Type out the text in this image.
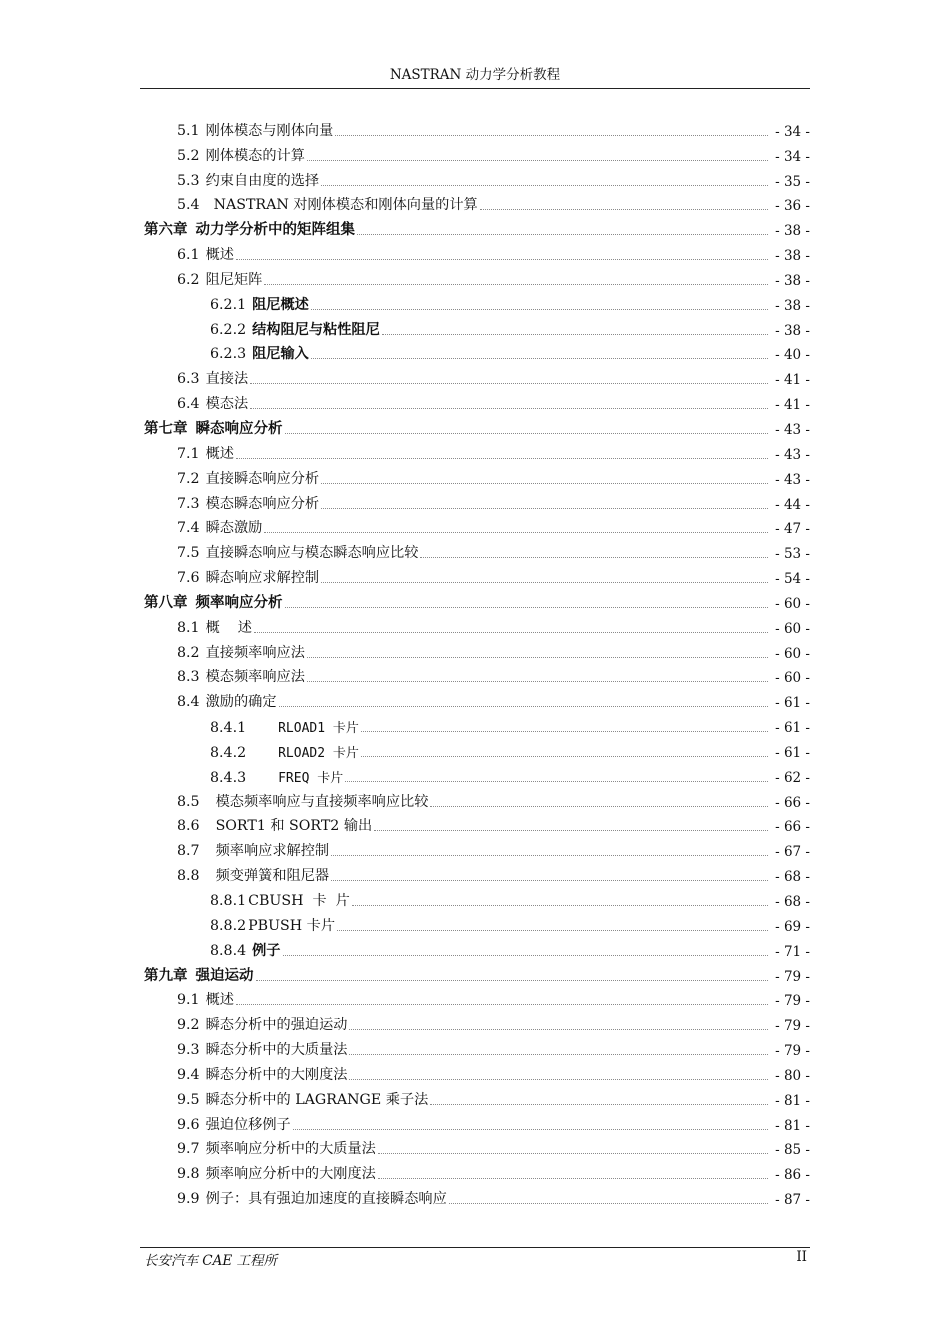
NASTRAN 动力学分析教程
5.1 刚体模态与刚体向量	- 34 -
5.2 刚体模态的计算	- 34 -
5.3 约束自由度的选择	- 35 -
5.4 NASTRAN 对刚体模态和刚体向量的计算	- 36 -
第六章 动力学分析中的矩阵组集	- 38 -
6.1 概述	- 38 -
6.2 阻尼矩阵	- 38 -
6.2.1 阻尼概述	- 38 -
6.2.2 结构阻尼与粘性阻尼	- 38 -
6.2.3 阻尼输入	- 40 -
6.3 直接法	- 41 -
6.4 模态法	- 41 -
第七章 瞬态响应分析	- 43 -
7.1 概述	- 43 -
7.2 直接瞬态响应分析	- 43 -
7.3 模态瞬态响应分析	- 44 -
7.4 瞬态激励	- 47 -
7.5 直接瞬态响应与模态瞬态响应比较	- 53 -
7.6 瞬态响应求解控制	- 54 -
第八章 频率响应分析	- 60 -
8.1 概    述	- 60 -
8.2 直接频率响应法	- 60 -
8.3 模态频率响应法	- 60 -
8.4 激励的确定	- 61 -
8.4.1 RLOAD1 卡片	- 61 -
8.4.2 RLOAD2 卡片	- 61 -
8.4.3 FREQ 卡片	- 62 -
8.5 模态频率响应与直接频率响应比较	- 66 -
8.6 SORT1 和 SORT2 输出	- 66 -
8.7 频率响应求解控制	- 67 -
8.8 频变弹簧和阻尼器	- 68 -
8.8.1 CBUSH  卡  片	- 68 -
8.8.2 PBUSH 卡片	- 69 -
8.8.4 例子	- 71 -
第九章 强迫运动	- 79 -
9.1 概述	- 79 -
9.2 瞬态分析中的强迫运动	- 79 -
9.3 瞬态分析中的大质量法	- 79 -
9.4 瞬态分析中的大刚度法	- 80 -
9.5 瞬态分析中的 LAGRANGE 乘子法	- 81 -
9.6 强迫位移例子	- 81 -
9.7 频率响应分析中的大质量法	- 85 -
9.8 频率响应分析中的大刚度法	- 86 -
9.9 例子：具有强迫加速度的直接瞬态响应	- 87 -
长安汽车 CAE 工程所	II
